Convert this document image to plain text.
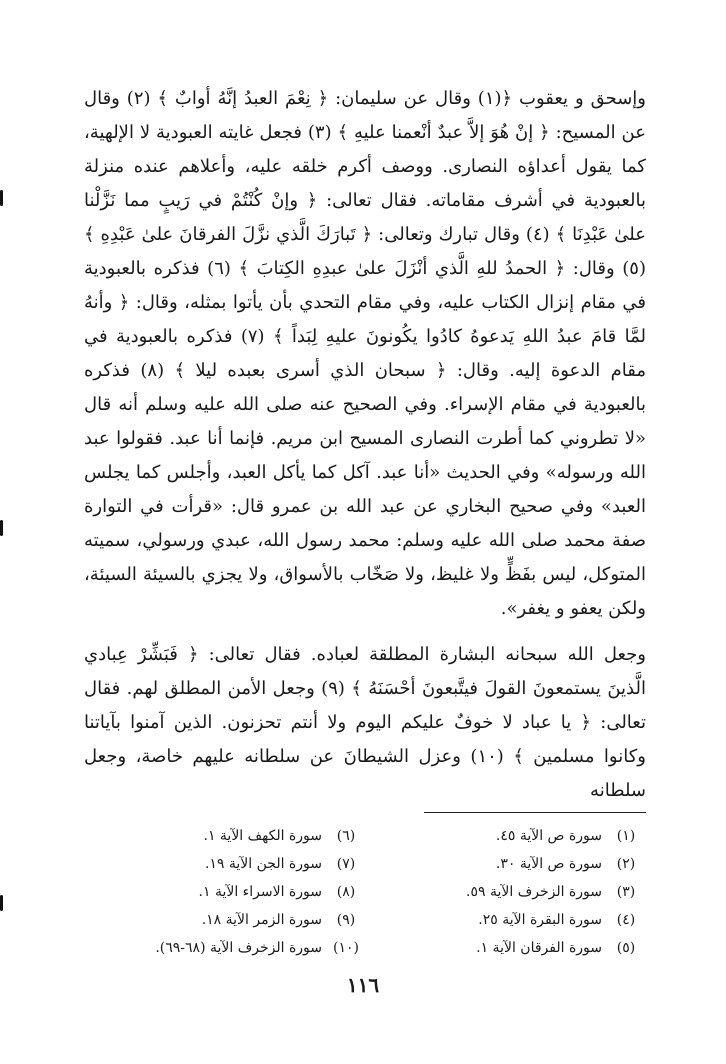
وإسحق و يعقوب ﴿(١) وقال عن سليمان: ﴿ نِعْمَ العبدُ إنَّهُ أوابٌ ﴾ (٢) وقال عن المسيح: ﴿ إنْ هُوَ إلاَّ عبدٌ أنْعمنا عليهِ ﴾ (٣) فجعل غايته العبودية لا الإلهية، كما يقول أعداؤه النصارى. ووصف أكرم خلقه عليه، وأعلاهم عنده منزلة بالعبودية في أشرف مقاماته. فقال تعالى: ﴿ وإنْ كُنْتُمْ في رَيبٍ مما نَزَّلْنا علىٰ عَبْدِنَا ﴾ (٤) وقال تبارك وتعالى: ﴿ تَبارَكَ الَّذي نزَّلَ الفرقانَ علىٰ عَبْدِهِ ﴾ (٥) وقال: ﴿ الحمدُ للهِ الَّذي أنْزَلَ علىٰ عبدِهِ الكِتابَ ﴾ (٦) فذكره بالعبودية في مقام إنزال الكتاب عليه، وفي مقام التحدي بأن يأتوا بمثله، وقال: ﴿ وأنهُ لمَّا قامَ عبدُ اللهِ يَدعوهُ كادُوا يكُونونَ عليهِ لِبَداً ﴾ (٧) فذكره بالعبودية في مقام الدعوة إليه. وقال: ﴿ سبحان الذي أسرى بعبده ليلا ﴾ (٨) فذكره بالعبودية في مقام الإسراء. وفي الصحيح عنه صلى الله عليه وسلم أنه قال «لا تطروني كما أطرت النصارى المسيح ابن مريم. فإنما أنا عبد. فقولوا عبد الله ورسوله» وفي الحديث «أنا عبد. آكل كما يأكل العبد، وأجلس كما يجلس العبد» وفي صحيح البخاري عن عبد الله بن عمرو قال: «قرأت في التوارة صفة محمد صلى الله عليه وسلم: محمد رسول الله، عبدي ورسولي، سميته المتوكل، ليس بفَظٍّ ولا غليظ، ولا صَخّاب بالأسواق، ولا يجزي بالسيئة السيئة، ولكن يعفو و يغفر».

وجعل الله سبحانه البشارة المطلقة لعباده. فقال تعالى: ﴿ فَبَشِّرْ عِبادي الَّذينَ يستمعونَ القولَ فيتَّبعونَ أحْسَنَهُ ﴾ (٩) وجعل الأمن المطلق لهم. فقال تعالى: ﴿ يا عباد لا خوفٌ عليكم اليوم ولا أنتم تحزنون. الذين آمنوا بآياتنا وكانوا مسلمين ﴾ (١٠) وعزل الشيطانَ عن سلطانه عليهم خاصة، وجعل سلطانه

(١)
سورة ص الآية ٤٥.
(٢)
سورة ص الآية ٣٠.
(٣)
سورة الزخرف الآية ٥٩.
(٤)
سورة البقرة الآية ٢٥.
(٥)
سورة الفرقان الآية ١.
(٦)
سورة الكهف الآية ١.
(٧)
سورة الجن الآية ١٩.
(٨)
سورة الاسراء الآية ١.
(٩)
سورة الزمر الآية ١٨.
(١٠)
سورة الزخرف الآية (٦٨-٦٩).
١١٦
